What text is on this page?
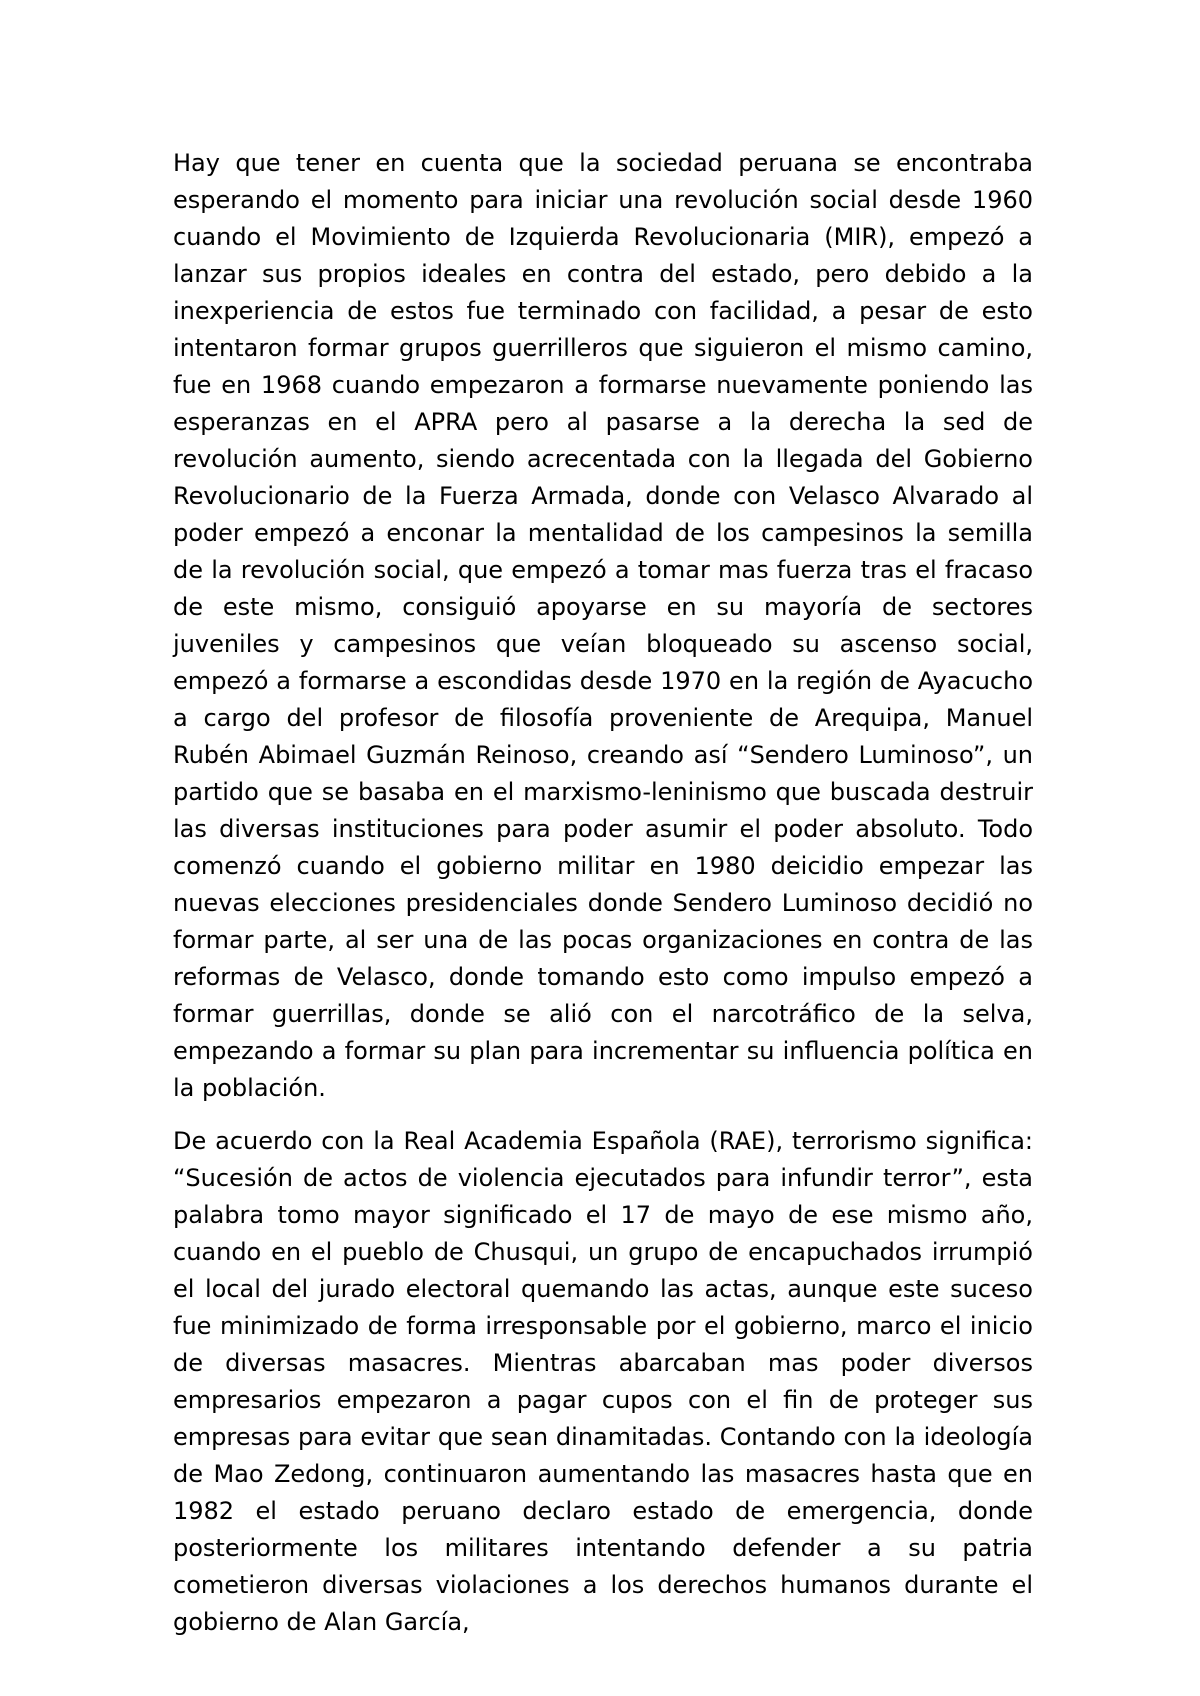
Hay que tener en cuenta que la sociedad peruana se encontraba esperando el momento para iniciar una revolución social desde 1960 cuando el Movimiento de Izquierda Revolucionaria (MIR), empezó a lanzar sus propios ideales en contra del estado, pero debido a la inexperiencia de estos fue terminado con facilidad, a pesar de esto intentaron formar grupos guerrilleros que siguieron el mismo camino, fue en 1968 cuando empezaron a formarse nuevamente poniendo las esperanzas en el APRA pero al pasarse a la derecha la sed de revolución aumento, siendo acrecentada con la llegada del Gobierno Revolucionario de la Fuerza Armada, donde con Velasco Alvarado al poder empezó a enconar la mentalidad de los campesinos la semilla de la revolución social, que empezó a tomar mas fuerza tras el fracaso de este mismo, consiguió apoyarse en su mayoría de sectores juveniles y campesinos que veían bloqueado su ascenso social, empezó a formarse a escondidas desde 1970 en la región de Ayacucho a cargo del profesor de filosofía proveniente de Arequipa, Manuel Rubén Abimael Guzmán Reinoso, creando así “Sendero Luminoso”, un partido que se basaba en el marxismo-leninismo que buscada destruir las diversas instituciones para poder asumir el poder absoluto. Todo comenzó cuando el gobierno militar en 1980 deicidio empezar las nuevas elecciones presidenciales donde Sendero Luminoso decidió no formar parte, al ser una de las pocas organizaciones en contra de las reformas de Velasco, donde tomando esto como impulso empezó a formar guerrillas, donde se alió con el narcotráfico de la selva, empezando a formar su plan para incrementar su influencia política en la población.

De acuerdo con la Real Academia Española (RAE), terrorismo significa: “Sucesión de actos de violencia ejecutados para infundir terror”, esta palabra tomo mayor significado el 17 de mayo de ese mismo año, cuando en el pueblo de Chusqui, un grupo de encapuchados irrumpió el local del jurado electoral quemando las actas, aunque este suceso fue minimizado de forma irresponsable por el gobierno, marco el inicio de diversas masacres. Mientras abarcaban mas poder diversos empresarios empezaron a pagar cupos con el fin de proteger sus empresas para evitar que sean dinamitadas. Contando con la ideología de Mao Zedong, continuaron aumentando las masacres hasta que en 1982 el estado peruano declaro estado de emergencia, donde posteriormente los militares intentando defender a su patria cometieron diversas violaciones a los derechos humanos durante el gobierno de Alan García,
